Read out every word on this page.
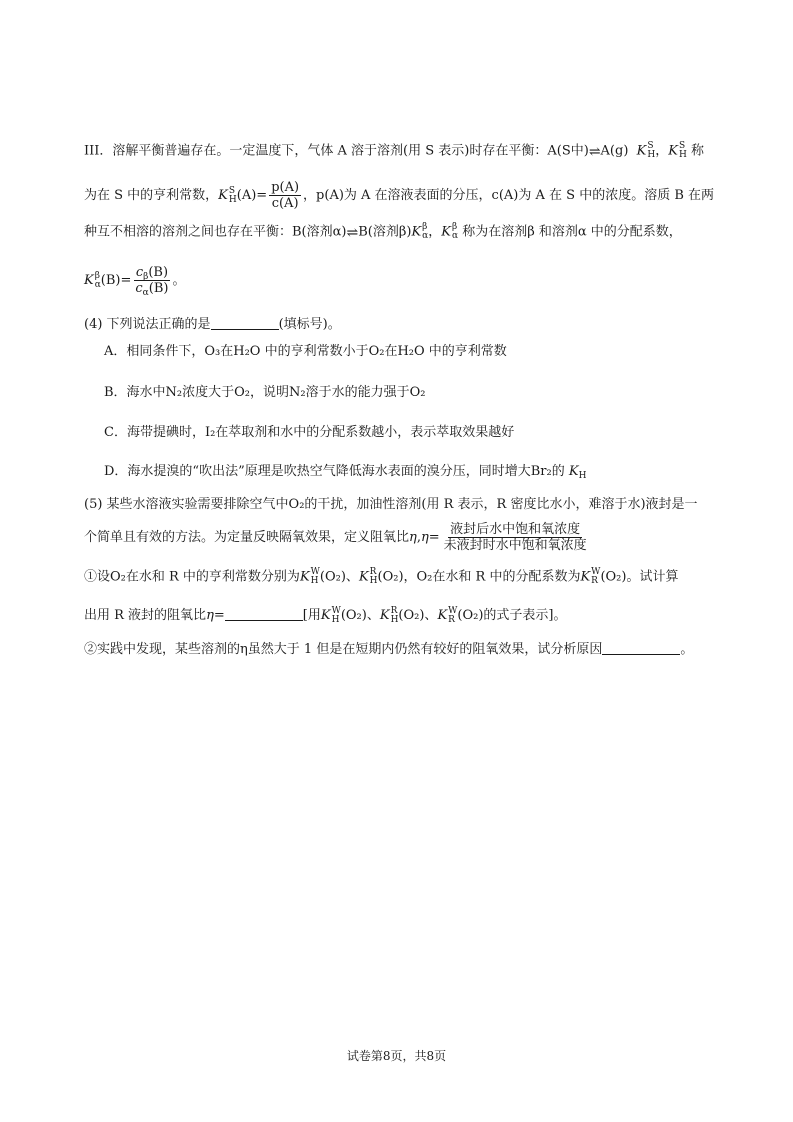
III．溶解平衡普遍存在。一定温度下，气体 A 溶于溶剂(用 S 表示)时存在平衡：A(S中)⇌A(g) K S
H ，K S
H 称
为在 S 中的亨利常数，K S
H $(A)= \frac{p(A)}{c(A)}$ ，p(A)为 A 在溶液表面的分压，c(A)为 A 在 S 中的浓度。溶质 B 在两
种互不相溶的溶剂之间也存在平衡：B(溶剂α)⇌B(溶剂β)K β
α ，K β
α 称为在溶剂β 和溶剂α 中的分配系数，
K β
α $(B)= \frac{c_\beta(B)}{c_\alpha(B)}$ 。
(4) 下列说法正确的是	(填标号)。
A．相同条件下，O₃在H₂O 中的亨利常数小于O₂在H₂O 中的亨利常数
B．海水中N₂浓度大于O₂，说明N₂溶于水的能力强于O₂
C．海带提碘时，I₂在萃取剂和水中的分配系数越小，表示萃取效果越好
D．海水提溴的“吹出法”原理是吹热空气降低海水表面的溴分压，同时增大Br₂的 $K_H$
(5) 某些水溶液实验需要排除空气中O₂的干扰，加油性溶剂(用 R 表示，R 密度比水小，难溶于水)液封是一
个简单且有效的方法。为定量反映隔氧效果，定义阻氧比$\eta,\eta= \frac{\text{液封后水中饱和氧浓度}}{\text{未液封时水中饱和氧浓度}}$
①设O₂在水和 R 中的亨利常数分别为K W
H (O₂)、K R
H (O₂)，O₂在水和 R 中的分配系数为K W
R (O₂)。试计算
出用 R 液封的阻氧比η=	[用K W
H (O₂)、K R
H (O₂)、K W
R (O₂)的式子表示]。
②实践中发现，某些溶剂的η虽然大于 1 但是在短期内仍然有较好的阻氧效果，试分析原因	。
试卷第8页，共8页
